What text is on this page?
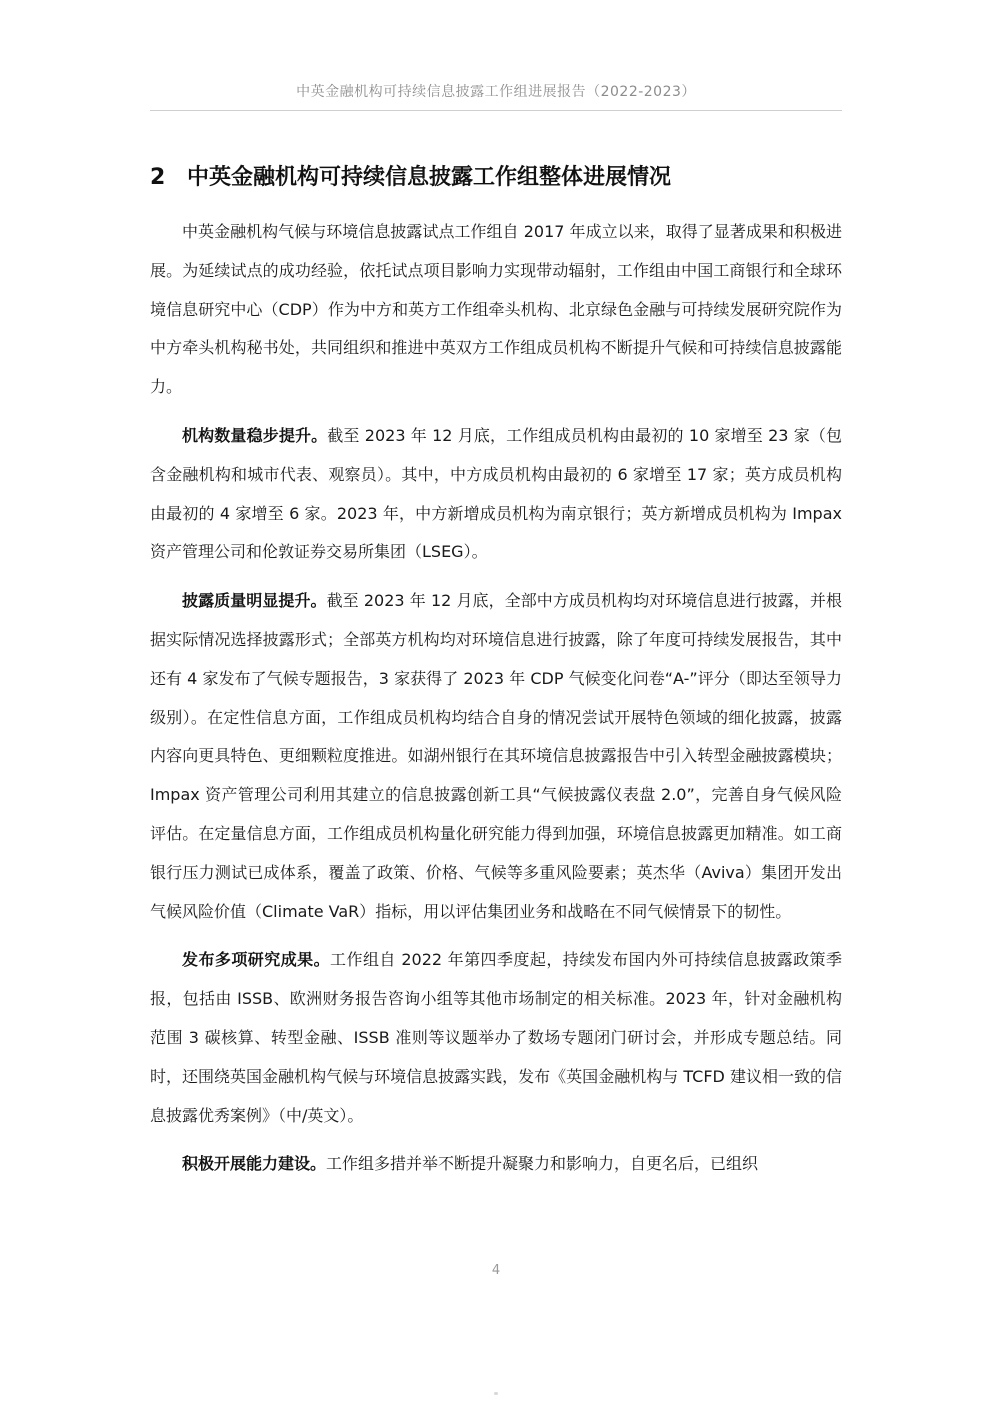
中英金融机构可持续信息披露工作组进展报告（2022-2023）
2 中英金融机构可持续信息披露工作组整体进展情况

中英金融机构气候与环境信息披露试点工作组自 2017 年成立以来，取得了显著成果和积极进展。为延续试点的成功经验，依托试点项目影响力实现带动辐射，工作组由中国工商银行和全球环境信息研究中心（CDP）作为中方和英方工作组牵头机构、北京绿色金融与可持续发展研究院作为中方牵头机构秘书处，共同组织和推进中英双方工作组成员机构不断提升气候和可持续信息披露能力。

机构数量稳步提升。截至 2023 年 12 月底，工作组成员机构由最初的 10 家增至 23 家（包含金融机构和城市代表、观察员）。其中，中方成员机构由最初的 6 家增至 17 家；英方成员机构由最初的 4 家增至 6 家。2023 年，中方新增成员机构为南京银行；英方新增成员机构为 Impax 资产管理公司和伦敦证券交易所集团（LSEG）。

披露质量明显提升。截至 2023 年 12 月底，全部中方成员机构均对环境信息进行披露，并根据实际情况选择披露形式；全部英方机构均对环境信息进行披露，除了年度可持续发展报告，其中还有 4 家发布了气候专题报告，3 家获得了 2023 年 CDP 气候变化问卷“A-”评分（即达至领导力级别）。在定性信息方面，工作组成员机构均结合自身的情况尝试开展特色领域的细化披露，披露内容向更具特色、更细颗粒度推进。如湖州银行在其环境信息披露报告中引入转型金融披露模块；Impax 资产管理公司利用其建立的信息披露创新工具“气候披露仪表盘 2.0”，完善自身气候风险评估。在定量信息方面，工作组成员机构量化研究能力得到加强，环境信息披露更加精准。如工商银行压力测试已成体系，覆盖了政策、价格、气候等多重风险要素；英杰华（Aviva）集团开发出气候风险价值（Climate VaR）指标，用以评估集团业务和战略在不同气候情景下的韧性。

发布多项研究成果。工作组自 2022 年第四季度起，持续发布国内外可持续信息披露政策季报，包括由 ISSB、欧洲财务报告咨询小组等其他市场制定的相关标准。2023 年，针对金融机构范围 3 碳核算、转型金融、ISSB 准则等议题举办了数场专题闭门研讨会，并形成专题总结。同时，还围绕英国金融机构气候与环境信息披露实践，发布《英国金融机构与 TCFD 建议相一致的信息披露优秀案例》（中/英文）。

积极开展能力建设。工作组多措并举不断提升凝聚力和影响力，自更名后，已组织

4
